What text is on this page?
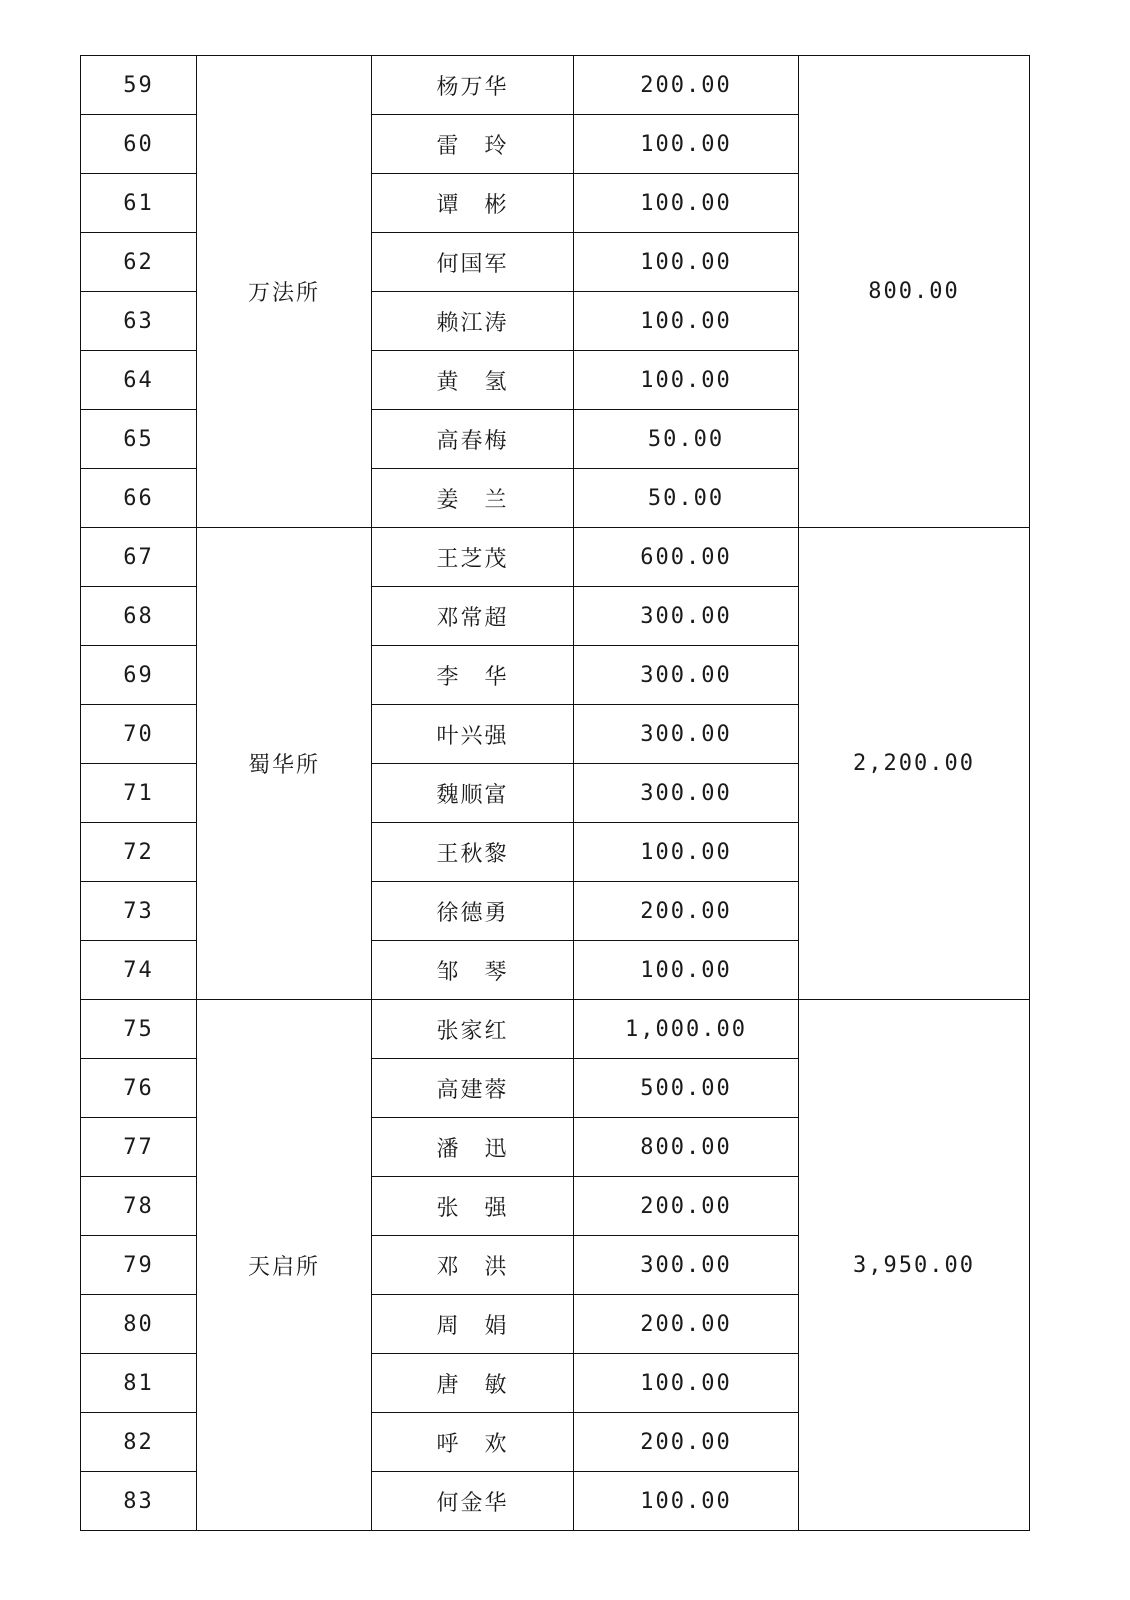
59	万法所	杨万华	200.00	800.00
60		雷　玲	100.00	
61		谭　彬	100.00	
62		何国军	100.00	
63		赖江涛	100.00	
64		黄　氢	100.00	
65		高春梅	50.00	
66		姜　兰	50.00	
67	蜀华所	王芝茂	600.00	2,200.00
68		邓常超	300.00	
69		李　华	300.00	
70		叶兴强	300.00	
71		魏顺富	300.00	
72		王秋黎	100.00	
73		徐德勇	200.00	
74		邹　琴	100.00	
75	天启所	张家红	1,000.00	3,950.00
76		高建蓉	500.00	
77		潘　迅	800.00	
78		张　强	200.00	
79		邓　洪	300.00	
80		周　娟	200.00	
81		唐　敏	100.00	
82		呼　欢	200.00	
83		何金华	100.00	
